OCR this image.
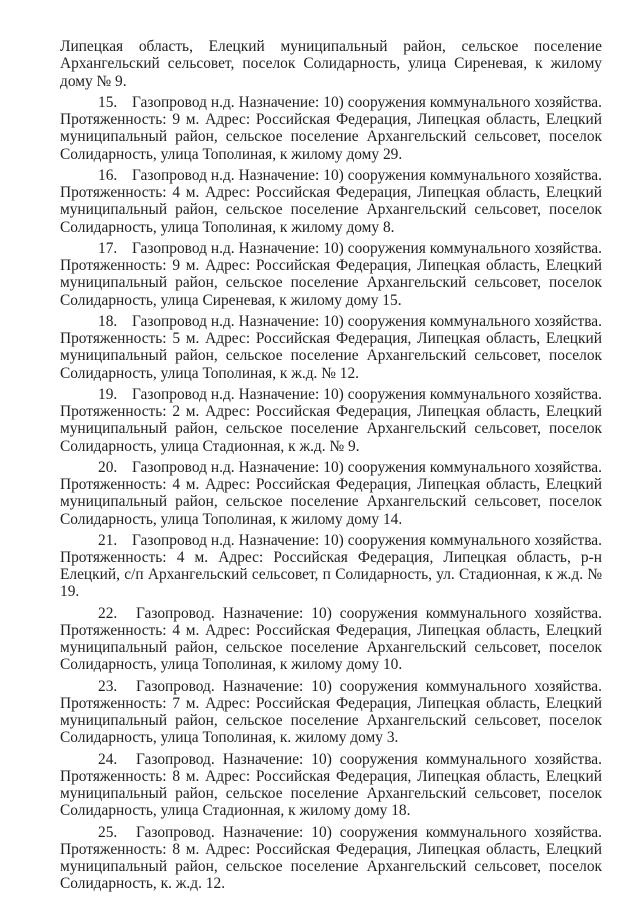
Липецкая область, Елецкий муниципальный район, сельское поселение Архангельский сельсовет, поселок Солидарность, улица Сиреневая, к жилому дому № 9.

15. Газопровод н.д. Назначение: 10) сооружения коммунального хозяйства. Протяженность: 9 м. Адрес: Российская Федерация, Липецкая область, Елецкий муниципальный район, сельское поселение Архангельский сельсовет, поселок Солидарность, улица Тополиная, к жилому дому 29.

16. Газопровод н.д. Назначение: 10) сооружения коммунального хозяйства. Протяженность: 4 м. Адрес: Российская Федерация, Липецкая область, Елецкий муниципальный район, сельское поселение Архангельский сельсовет, поселок Солидарность, улица Тополиная, к жилому дому 8.

17. Газопровод н.д. Назначение: 10) сооружения коммунального хозяйства. Протяженность: 9 м. Адрес: Российская Федерация, Липецкая область, Елецкий муниципальный район, сельское поселение Архангельский сельсовет, поселок Солидарность, улица Сиреневая, к жилому дому 15.

18. Газопровод н.д. Назначение: 10) сооружения коммунального хозяйства. Протяженность: 5 м. Адрес: Российская Федерация, Липецкая область, Елецкий муниципальный район, сельское поселение Архангельский сельсовет, поселок Солидарность, улица Тополиная, к ж.д. № 12.

19. Газопровод н.д. Назначение: 10) сооружения коммунального хозяйства. Протяженность: 2 м. Адрес: Российская Федерация, Липецкая область, Елецкий муниципальный район, сельское поселение Архангельский сельсовет, поселок Солидарность, улица Стадионная, к ж.д. № 9.

20. Газопровод н.д. Назначение: 10) сооружения коммунального хозяйства. Протяженность: 4 м. Адрес: Российская Федерация, Липецкая область, Елецкий муниципальный район, сельское поселение Архангельский сельсовет, поселок Солидарность, улица Тополиная, к жилому дому 14.

21. Газопровод н.д. Назначение: 10) сооружения коммунального хозяйства. Протяженность: 4 м. Адрес: Российская Федерация, Липецкая область, р-н Елецкий, с/п Архангельский сельсовет, п Солидарность, ул. Стадионная, к ж.д. № 19.

22. Газопровод. Назначение: 10) сооружения коммунального хозяйства. Протяженность: 4 м. Адрес: Российская Федерация, Липецкая область, Елецкий муниципальный район, сельское поселение Архангельский сельсовет, поселок Солидарность, улица Тополиная, к жилому дому 10.

23. Газопровод. Назначение: 10) сооружения коммунального хозяйства. Протяженность: 7 м. Адрес: Российская Федерация, Липецкая область, Елецкий муниципальный район, сельское поселение Архангельский сельсовет, поселок Солидарность, улица Тополиная, к. жилому дому 3.

24. Газопровод. Назначение: 10) сооружения коммунального хозяйства. Протяженность: 8 м. Адрес: Российская Федерация, Липецкая область, Елецкий муниципальный район, сельское поселение Архангельский сельсовет, поселок Солидарность, улица Стадионная, к жилому дому 18.

25. Газопровод. Назначение: 10) сооружения коммунального хозяйства. Протяженность: 8 м. Адрес: Российская Федерация, Липецкая область, Елецкий муниципальный район, сельское поселение Архангельский сельсовет, поселок Солидарность, к. ж.д. 12.
